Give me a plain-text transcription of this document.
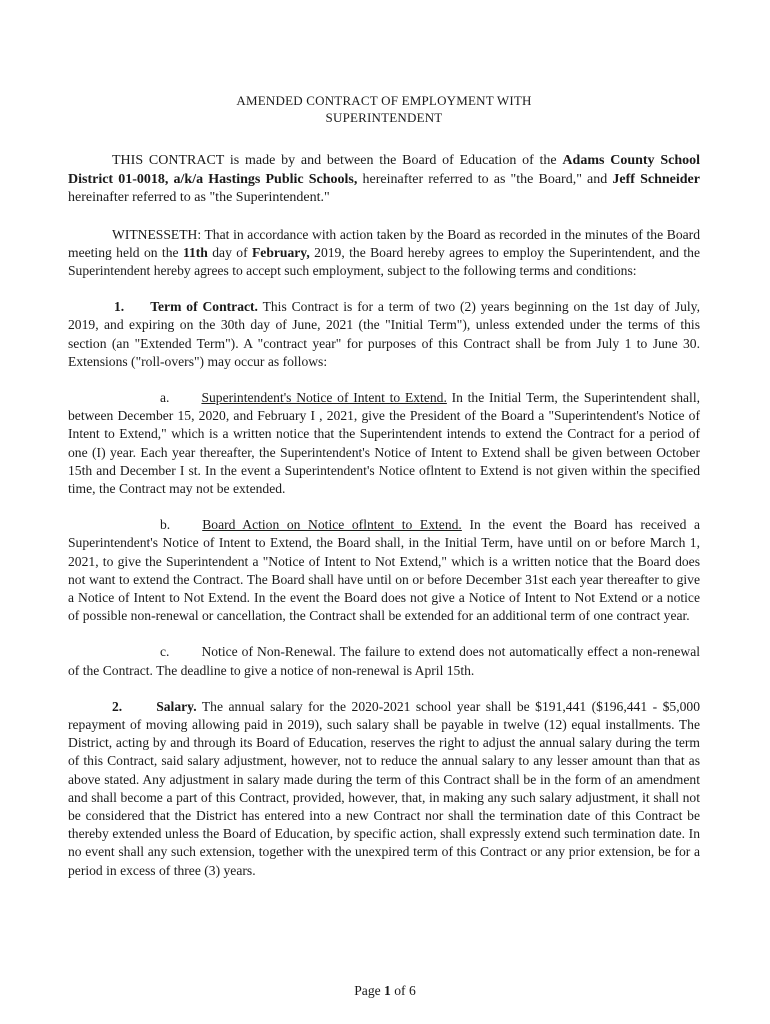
AMENDED CONTRACT OF EMPLOYMENT WITH
SUPERINTENDENT

THIS CONTRACT is made by and between the Board of Education of the Adams County School District 01-0018, a/k/a Hastings Public Schools, hereinafter referred to as "the Board," and Jeff Schneider hereinafter referred to as "the Superintendent."

WITNESSETH: That in accordance with action taken by the Board as recorded in the minutes of the Board meeting held on the 11th day of February, 2019, the Board hereby agrees to employ the Superintendent, and the Superintendent hereby agrees to accept such employment, subject to the following terms and conditions:

1. Term of Contract. This Contract is for a term of two (2) years beginning on the 1st day of July, 2019, and expiring on the 30th day of June, 2021 (the "Initial Term"), unless extended under the terms of this section (an "Extended Term"). A "contract year" for purposes of this Contract shall be from July 1 to June 30. Extensions ("roll-overs") may occur as follows:

a. Superintendent's Notice of Intent to Extend. In the Initial Term, the Superintendent shall, between December 15, 2020, and February I , 2021, give the President of the Board a "Superintendent's Notice of Intent to Extend," which is a written notice that the Superintendent intends to extend the Contract for a period of one (I) year. Each year thereafter, the Superintendent's Notice of Intent to Extend shall be given between October 15th and December I st. In the event a Superintendent's Notice oflntent to Extend is not given within the specified time, the Contract may not be extended.

b. Board Action on Notice oflntent to Extend. In the event the Board has received a Superintendent's Notice of Intent to Extend, the Board shall, in the Initial Term, have until on or before March 1, 2021, to give the Superintendent a "Notice of Intent to Not Extend," which is a written notice that the Board does not want to extend the Contract. The Board shall have until on or before December 31st each year thereafter to give a Notice of Intent to Not Extend. In the event the Board does not give a Notice of Intent to Not Extend or a notice of possible non-renewal or cancellation, the Contract shall be extended for an additional term of one contract year.

c. Notice of Non-Renewal. The failure to extend does not automatically effect a non-renewal of the Contract. The deadline to give a notice of non-renewal is April 15th.

2.	Salary. The annual salary for the 2020-2021 school year shall be $191,441 ($196,441 - $5,000 repayment of moving allowing paid in 2019), such salary shall be payable in twelve (12) equal installments. The District, acting by and through its Board of Education, reserves the right to adjust the annual salary during the term of this Contract, said salary adjustment, however, not to reduce the annual salary to any lesser amount than that as above stated. Any adjustment in salary made during the term of this Contract shall be in the form of an amendment and shall become a part of this Contract, provided, however, that, in making any such salary adjustment, it shall not be considered that the District has entered into a new Contract nor shall the termination date of this Contract be thereby extended unless the Board of Education, by specific action, shall expressly extend such termination date. In no event shall any such extension, together with the unexpired term of this Contract or any prior extension, be for a period in excess of three (3) years.

Page 1 of 6
